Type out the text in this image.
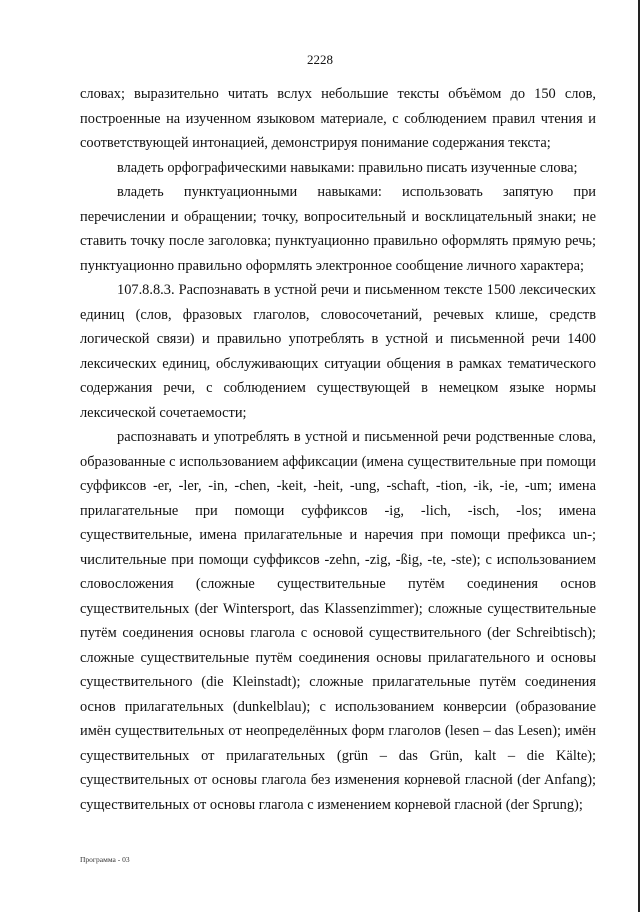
2228

словах; выразительно читать вслух небольшие тексты объёмом до 150 слов, построенные на изученном языковом материале, с соблюдением правил чтения и соответствующей интонацией, демонстрируя понимание содержания текста;

владеть орфографическими навыками: правильно писать изученные слова;

владеть пунктуационными навыками: использовать запятую при перечислении и обращении; точку, вопросительный и восклицательный знаки; не ставить точку после заголовка; пунктуационно правильно оформлять прямую речь; пунктуационно правильно оформлять электронное сообщение личного характера;

107.8.8.3. Распознавать в устной речи и письменном тексте 1500 лексических единиц (слов, фразовых глаголов, словосочетаний, речевых клише, средств логической связи) и правильно употреблять в устной и письменной речи 1400 лексических единиц, обслуживающих ситуации общения в рамках тематического содержания речи, с соблюдением существующей в немецком языке нормы лексической сочетаемости;

распознавать и употреблять в устной и письменной речи родственные слова, образованные с использованием аффиксации (имена существительные при помощи суффиксов -er, -ler, -in, -chen, -keit, -heit, -ung, -schaft, -tion, -ik, -ie, -um; имена прилагательные при помощи суффиксов -ig, -lich, -isch, -los; имена существительные, имена прилагательные и наречия при помощи префикса un-; числительные при помощи суффиксов -zehn, -zig, -ßig, -te, -ste); с использованием словосложения (сложные существительные путём соединения основ существительных (der Wintersport, das Klassenzimmer); сложные существительные путём соединения основы глагола с основой существительного (der Schreibtisch); сложные существительные путём соединения основы прилагательного и основы существительного (die Kleinstadt); сложные прилагательные путём соединения основ прилагательных (dunkelblau); с использованием конверсии (образование имён существительных от неопределённых форм глаголов (lesen – das Lesen); имён существительных от прилагательных (grün – das Grün, kalt – die Kälte); существительных от основы глагола без изменения корневой гласной (der Anfang); существительных от основы глагола с изменением корневой гласной (der Sprung);

Программа - 03
